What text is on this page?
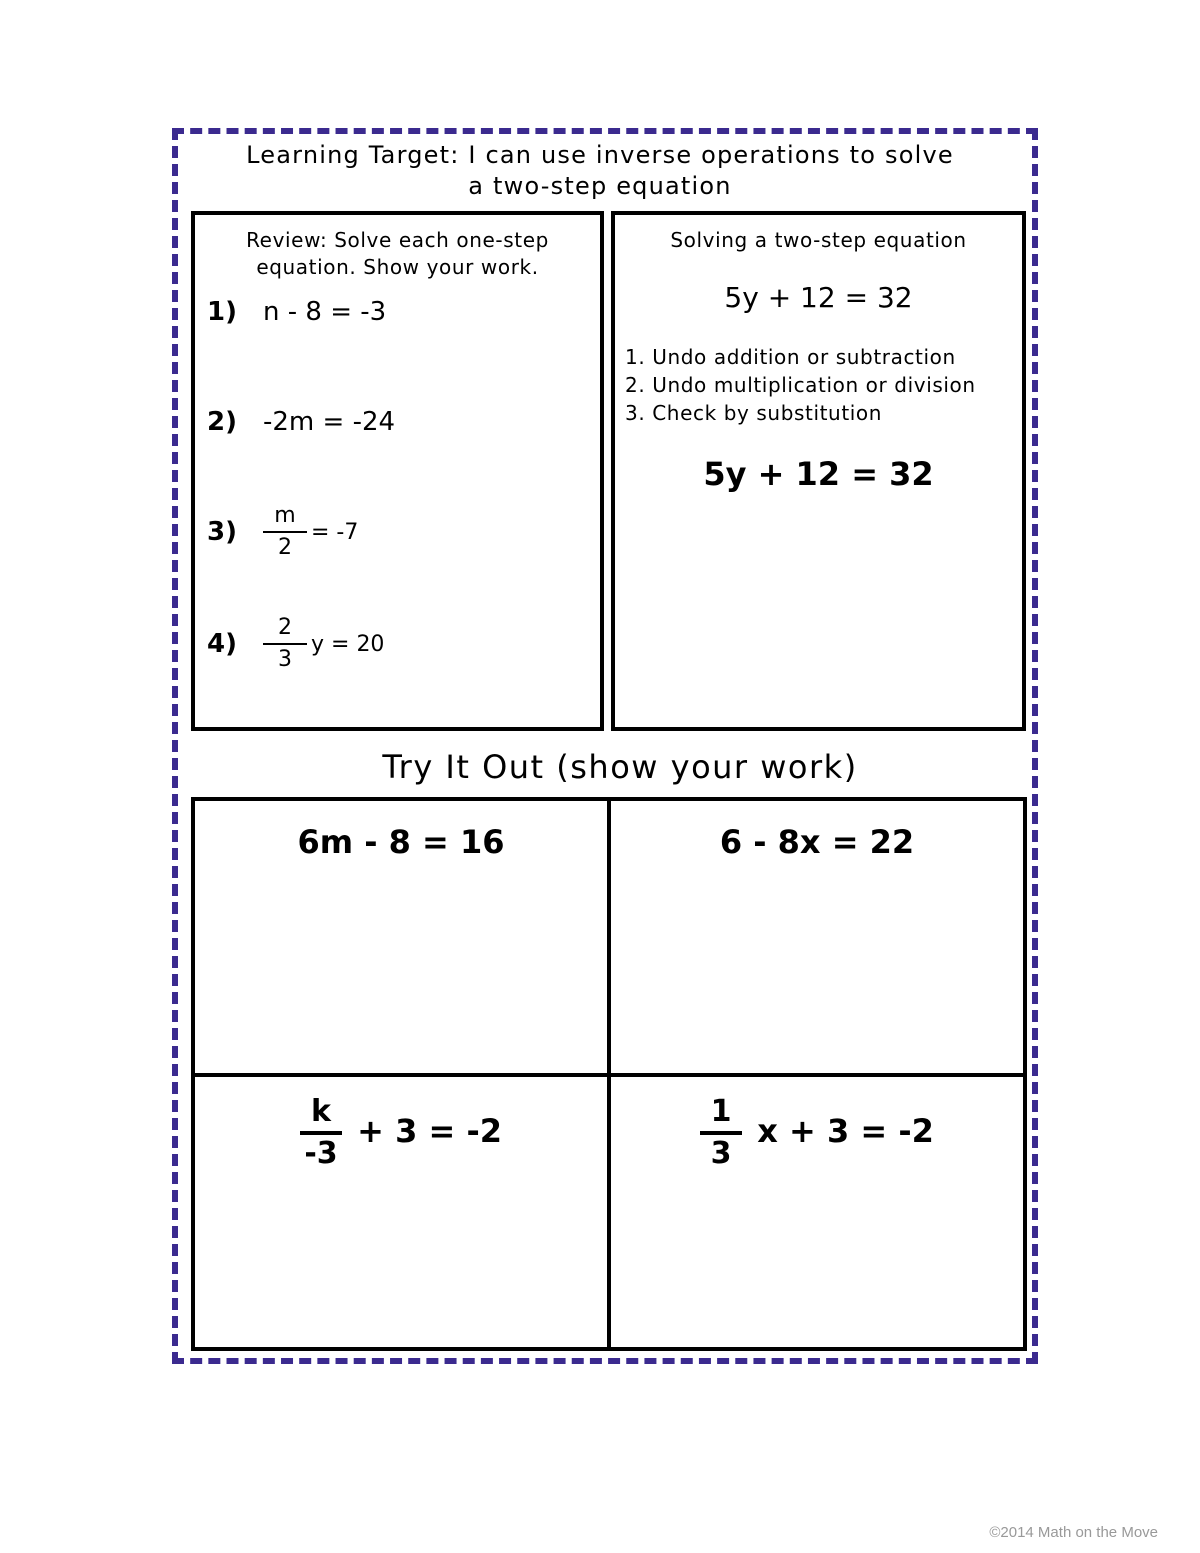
Learning Target: I can use inverse operations to solve
a two-step equation
Review: Solve each one-step
equation. Show your work.
1)	n - 8 = -3
2)	-2m = -24
3)	$\frac{m}{2} = -7$
4)	$\frac{2}{3}$ y = 20
Solving a two-step equation
5y + 12 = 32
1. Undo addition or subtraction
2. Undo multiplication or division
3. Check by substitution
5y + 12 = 32
Try It Out (show your work)
6m - 8 = 16	6 - 8x = 22
$\frac{k}{-3} + 3 = -2$	$\frac{1}{3}$ x + 3 = -2
©2014 Math on the Move
